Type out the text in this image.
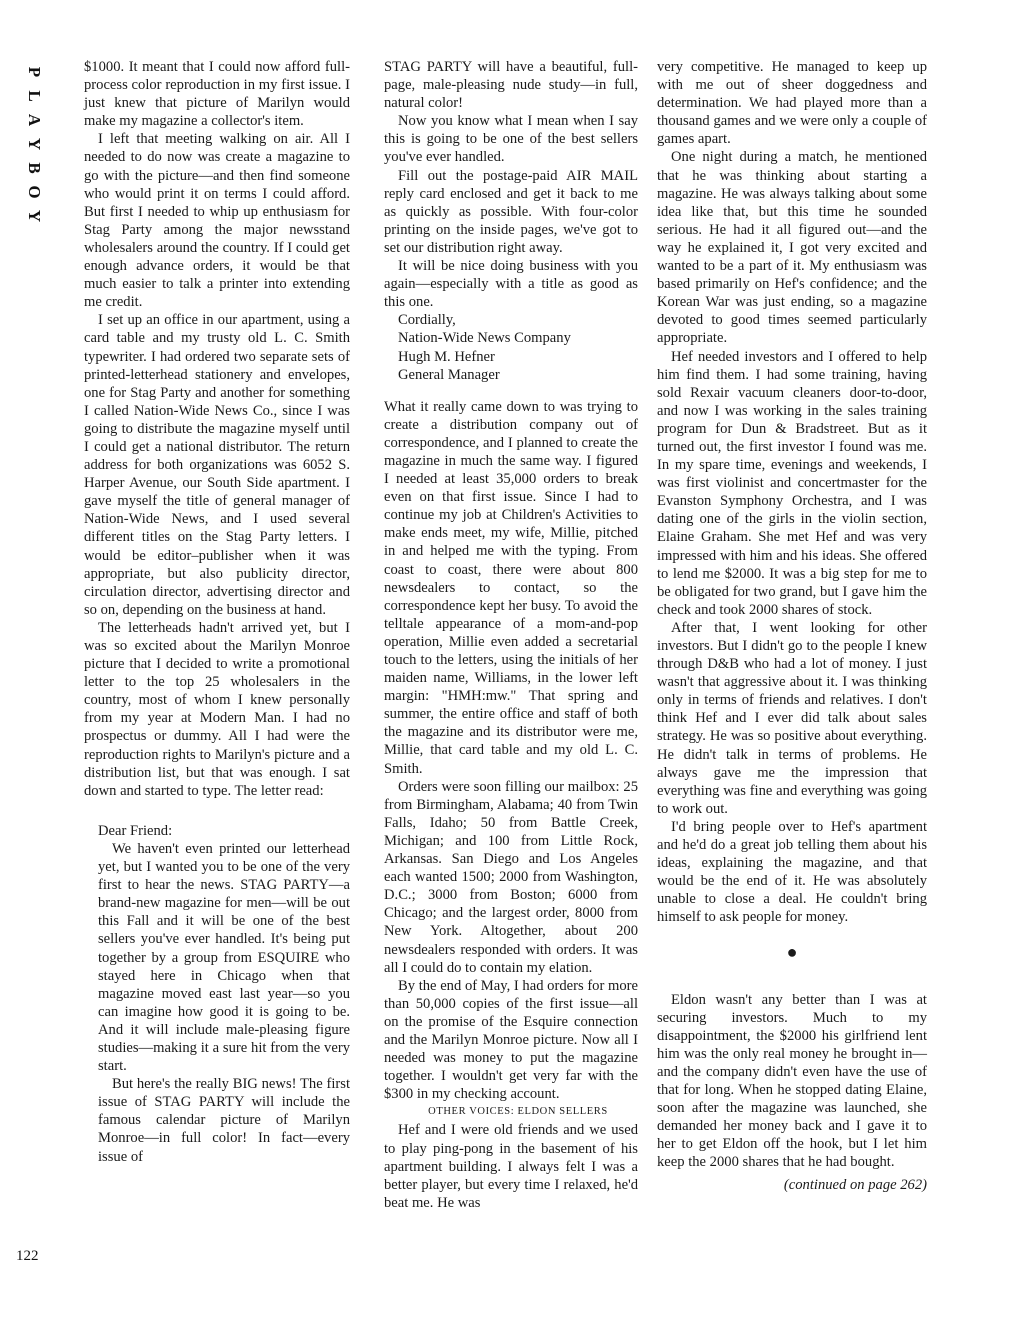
P
L
A
Y
B
O
Y
122

$1000. It meant that I could now afford full-process color reproduction in my first issue. I just knew that picture of Marilyn would make my magazine a collector's item.

I left that meeting walking on air. All I needed to do now was create a magazine to go with the picture—and then find someone who would print it on terms I could afford. But first I needed to whip up enthusiasm for Stag Party among the major newsstand wholesalers around the country. If I could get enough advance orders, it would be that much easier to talk a printer into extending me credit.

I set up an office in our apartment, using a card table and my trusty old L. C. Smith typewriter. I had ordered two separate sets of printed-letterhead stationery and envelopes, one for Stag Party and another for something I called Nation-Wide News Co., since I was going to distribute the magazine myself until I could get a national distributor. The return address for both organizations was 6052 S. Harper Avenue, our South Side apartment. I gave myself the title of general manager of Nation-Wide News, and I used several different titles on the Stag Party letters. I would be editor–publisher when it was appropriate, but also publicity director, circulation director, advertising director and so on, depending on the business at hand.

The letterheads hadn't arrived yet, but I was so excited about the Marilyn Monroe picture that I decided to write a promotional letter to the top 25 wholesalers in the country, most of whom I knew personally from my year at Modern Man. I had no prospectus or dummy. All I had were the reproduction rights to Marilyn's picture and a distribution list, but that was enough. I sat down and started to type. The letter read:

Dear Friend:

We haven't even printed our letterhead yet, but I wanted you to be one of the very first to hear the news. STAG PARTY—a brand-new magazine for men—will be out this Fall and it will be one of the best sellers you've ever handled. It's being put together by a group from ESQUIRE who stayed here in Chicago when that magazine moved east last year—so you can imagine how good it is going to be. And it will include male-pleasing figure studies—making it a sure hit from the very start.

But here's the really BIG news! The first issue of STAG PARTY will include the famous calendar picture of Marilyn Monroe—in full color! In fact—every issue of

STAG PARTY will have a beautiful, full-page, male-pleasing nude study—in full, natural color!

Now you know what I mean when I say this is going to be one of the best sellers you've ever handled.

Fill out the postage-paid AIR MAIL reply card enclosed and get it back to me as quickly as possible. With four-color printing on the inside pages, we've got to set our distribution right away.

It will be nice doing business with you again—especially with a title as good as this one.

Cordially,
Nation-Wide News Company
Hugh M. Hefner
General Manager

What it really came down to was trying to create a distribution company out of correspondence, and I planned to create the magazine in much the same way. I figured I needed at least 35,000 orders to break even on that first issue. Since I had to continue my job at Children's Activities to make ends meet, my wife, Millie, pitched in and helped me with the typing. From coast to coast, there were about 800 newsdealers to contact, so the correspondence kept her busy. To avoid the telltale appearance of a mom-and-pop operation, Millie even added a secretarial touch to the letters, using the initials of her maiden name, Williams, in the lower left margin: "HMH:mw." That spring and summer, the entire office and staff of both the magazine and its distributor were me, Millie, that card table and my old L. C. Smith.

Orders were soon filling our mailbox: 25 from Birmingham, Alabama; 40 from Twin Falls, Idaho; 50 from Battle Creek, Michigan; and 100 from Little Rock, Arkansas. San Diego and Los Angeles each wanted 1500; 2000 from Washington, D.C.; 3000 from Boston; 6000 from Chicago; and the largest order, 8000 from New York. Altogether, about 200 newsdealers responded with orders. It was all I could do to contain my elation.

By the end of May, I had orders for more than 50,000 copies of the first issue—all on the promise of the Esquire connection and the Marilyn Monroe picture. Now all I needed was money to put the magazine together. I wouldn't get very far with the $300 in my checking account.

OTHER VOICES: ELDON SELLERS

Hef and I were old friends and we used to play ping-pong in the basement of his apartment building. I always felt I was a better player, but every time I relaxed, he'd beat me. He was

very competitive. He managed to keep up with me out of sheer doggedness and determination. We had played more than a thousand games and we were only a couple of games apart.

One night during a match, he mentioned that he was thinking about starting a magazine. He was always talking about some idea like that, but this time he sounded serious. He had it all figured out—and the way he explained it, I got very excited and wanted to be a part of it. My enthusiasm was based primarily on Hef's confidence; and the Korean War was just ending, so a magazine devoted to good times seemed particularly appropriate.

Hef needed investors and I offered to help him find them. I had some training, having sold Rexair vacuum cleaners door-to-door, and now I was working in the sales training program for Dun & Bradstreet. But as it turned out, the first investor I found was me. In my spare time, evenings and weekends, I was first violinist and concertmaster for the Evanston Symphony Orchestra, and I was dating one of the girls in the violin section, Elaine Graham. She met Hef and was very impressed with him and his ideas. She offered to lend me $2000. It was a big step for me to be obligated for two grand, but I gave him the check and took 2000 shares of stock.

After that, I went looking for other investors. But I didn't go to the people I knew through D&B who had a lot of money. I just wasn't that aggressive about it. I was thinking only in terms of friends and relatives. I don't think Hef and I ever did talk about sales strategy. He was so positive about everything. He didn't talk in terms of problems. He always gave me the impression that everything was fine and everything was going to work out.

I'd bring people over to Hef's apartment and he'd do a great job telling them about his ideas, explaining the magazine, and that would be the end of it. He was absolutely unable to close a deal. He couldn't bring himself to ask people for money.

●

Eldon wasn't any better than I was at securing investors. Much to my disappointment, the $2000 his girlfriend lent him was the only real money he brought in—and the company didn't even have the use of that for long. When he stopped dating Elaine, soon after the magazine was launched, she demanded her money back and I gave it to her to get Eldon off the hook, but I let him keep the 2000 shares that he had bought.

(continued on page 262)
